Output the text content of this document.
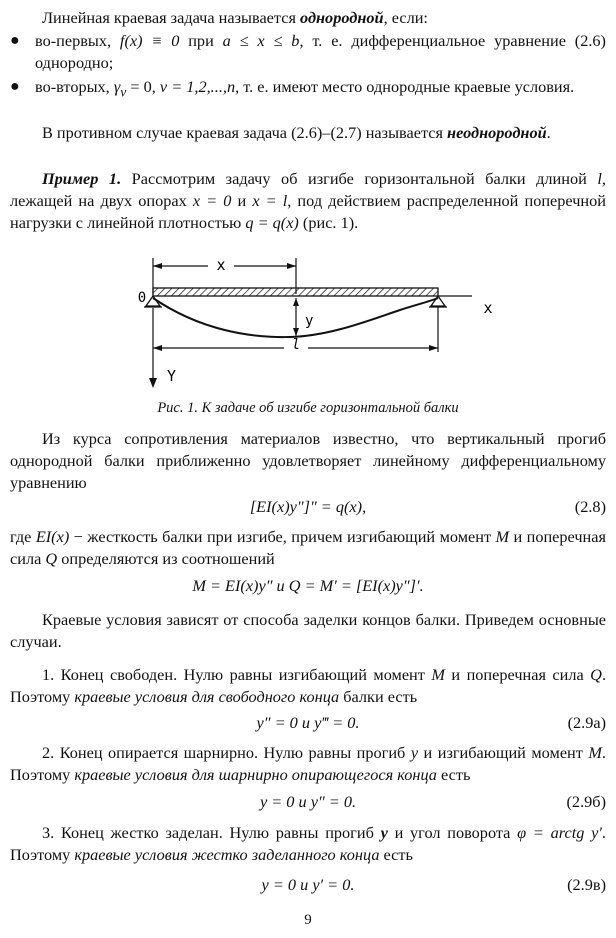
Линейная краевая задача называется однородной, если:

● во-первых, f(x) ≡ 0 при a ≤ x ≤ b, т. е. дифференциальное уравнение (2.6) однородно;

● во-вторых, $\gamma_\nu = 0$, ν = 1,2,...,n, т. е. имеют место однородные краевые условия.

В противном случае краевая задача (2.6)–(2.7) называется неоднородной.

Пример 1. Рассмотрим задачу об изгибе горизонтальной балки длиной l, лежащей на двух опорах x = 0 и x = l, под действием распределенной поперечной нагрузки с линейной плотностью q = q(x) (рис. 1).

x
x
0
y
l
Y
Рис. 1. К задаче об изгибе горизонтальной балки

Из курса сопротивления материалов известно, что вертикальный прогиб однородной балки приближенно удовлетворяет линейному дифференциальному уравнению

[EI(x)y″]″ = q(x),	(2.8)

где EI(x) − жесткость балки при изгибе, причем изгибающий момент M и поперечная сила Q определяются из соотношений

M = EI(x)y″ и Q = M′ = [EI(x)y″]′.

Краевые условия зависят от способа заделки концов балки. Приведем основные случаи.

1. Конец свободен. Нулю равны изгибающий момент M и поперечная сила Q. Поэтому краевые условия для свободного конца балки есть

y″ = 0 и y‴ = 0.	(2.9а)

2. Конец опирается шарнирно. Нулю равны прогиб y и изгибающий момент M. Поэтому краевые условия для шарнирно опирающегося конца есть

y = 0 и y″ = 0.	(2.9б)

3. Конец жестко заделан. Нулю равны прогиб y и угол поворота φ = arctg y′. Поэтому краевые условия жестко заделанного конца есть

y = 0 и y′ = 0.	(2.9в)
9
